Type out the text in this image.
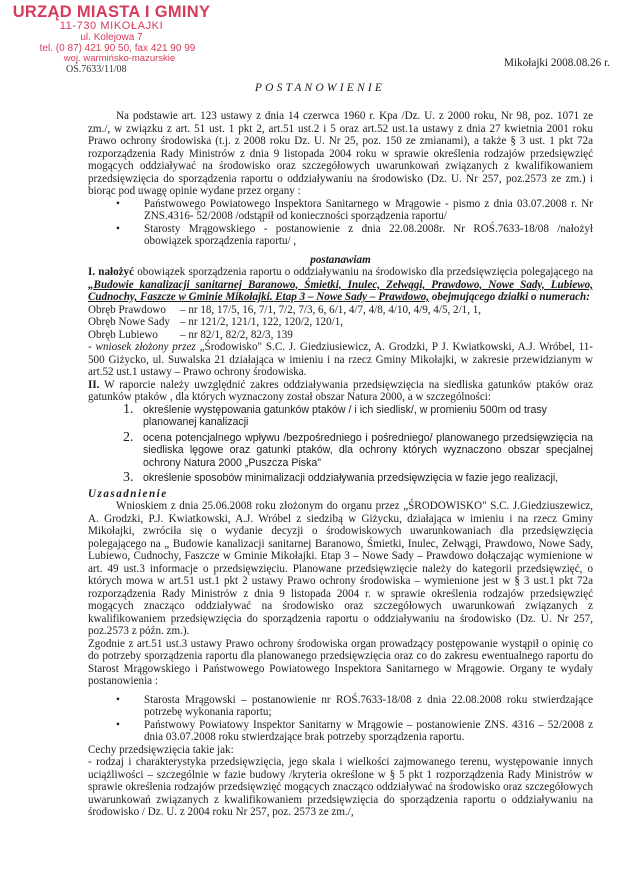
URZĄD MIASTA I GMINY
11-730 MIKOŁAJKI
ul. Kolejowa 7
tel. (0 87) 421 90 50, fax 421 90 99
woj. warmińsko-mazurskie
OŚ.7633/11/08
Mikołajki 2008.08.26 r.
POSTANOWIENIE

Na podstawie art. 123 ustawy z dnia 14 czerwca 1960 r. Kpa /Dz. U. z 2000 roku, Nr 98, poz. 1071 ze zm./, w związku z art. 51 ust. 1 pkt 2, art.51 ust.2 i 5 oraz art.52 ust.1a ustawy z dnia 27 kwietnia 2001 roku Prawo ochrony środowiska (t.j. z 2008 roku Dz. U. Nr 25, poz. 150 ze zmianami), a także § 3 ust. 1 pkt 72a rozporządzenia Rady Ministrów z dnia 9 listopada 2004 roku w sprawie określenia rodzajów przedsięwzięć mogących oddziaływać na środowisko oraz szczegółowych uwarunkowań związanych z kwalifikowaniem przedsięwzięcia do sporządzenia raportu o oddziaływaniu na środowisko (Dz. U. Nr 257, poz.2573 ze zm.) i biorąc pod uwagę opinie wydane przez organy :

• Państwowego Powiatowego Inspektora Sanitarnego w Mrągowie - pismo z dnia 03.07.2008 r. Nr ZNS.4316- 52/2008 /odstąpił od konieczności sporządzenia raportu/

• Starosty Mrągowskiego - postanowienie z dnia 22.08.2008r. Nr ROŚ.7633-18/08 /nałożył obowiązek sporządzenia raportu/ ,

postanawiam

I. nałożyć obowiązek sporządzenia raportu o oddziaływaniu na środowisko dla przedsięwzięcia polegającego na „Budowie kanalizacji sanitarnej Baranowo, Śmietki, Inulec, Zełwągi, Prawdowo, Nowe Sady, Lubiewo, Cudnochy, Faszcze w Gminie Mikołajki. Etap 3 – Nowe Sady – Prawdowo, obejmującego działki o numerach:

Obręb Prawdowo	– nr 18, 17/5, 16, 7/1, 7/2, 7/3, 6, 6/1, 4/7, 4/8, 4/10, 4/9, 4/5, 2/1, 1,
Obręb Nowe Sady – nr 121/2, 121/1, 122, 120/2, 120/1,
Obręb Lubiewo	– nr 82/1, 82/2, 82/3, 139

- wniosek złożony przez „Środowisko" S.C. J. Giedziusiewicz, A. Grodzki, P J. Kwiatkowski, A.J. Wróbel, 11-500 Giżycko, ul. Suwalska 21 działająca w imieniu i na rzecz Gminy Mikołajki, w zakresie przewidzianym w art.52 ust.1 ustawy – Prawo ochrony środowiska.

II. W raporcie należy uwzględnić zakres oddziaływania przedsięwzięcia na siedliska gatunków ptaków oraz gatunków ptaków , dla których wyznaczony został obszar Natura 2000, a w szczególności:

1. określenie występowania gatunków ptaków / i ich siedlisk/, w promieniu 500m od trasy planowanej kanalizacji

2. ocena potencjalnego wpływu /bezpośredniego i pośredniego/ planowanego przedsięwzięcia na siedliska lęgowe oraz gatunki ptaków, dla ochrony których wyznaczono obszar specjalnej ochrony Natura 2000 „Puszcza Piska"

3. określenie sposobów minimalizacji oddziaływania przedsięwzięcia w fazie jego realizacji,

Uzasadnienie

Wnioskiem z dnia 25.06.2008 roku złożonym do organu przez „ŚRODOWISKO" S.C. J.Giedziuszewicz, A. Grodzki, P.J. Kwiatkowski, A.J. Wróbel z siedzibą w Giżycku, działająca w imieniu i na rzecz Gminy Mikołajki, zwróciła się o wydanie decyzji o środowiskowych uwarunkowaniach dla przedsięwzięcia polegającego na „ Budowie kanalizacji sanitarnej Baranowo, Śmietki, Inulec, Zełwągi, Prawdowo, Nowe Sady, Lubiewo, Cudnochy, Faszcze w Gminie Mikołajki. Etap 3 – Nowe Sady – Prawdowo dołączając wymienione w art. 49 ust.3 informacje o przedsięwzięciu. Planowane przedsięwzięcie należy do kategorii przedsięwzięć, o których mowa w art.51 ust.1 pkt 2 ustawy Prawo ochrony środowiska – wymienione jest w § 3 ust.1 pkt 72a rozporządzenia Rady Ministrów z dnia 9 listopada 2004 r. w sprawie określenia rodzajów przedsięwzięć mogących znacząco oddziaływać na środowisko oraz szczegółowych uwarunkowań związanych z kwalifikowaniem przedsięwzięcia do sporządzenia raportu o oddziaływaniu na środowisko (Dz. U. Nr 257, poz.2573 z późn. zm.).

Zgodnie z art.51 ust.3 ustawy Prawo ochrony środowiska organ prowadzący postępowanie wystąpił o opinię co do potrzeby sporządzenia raportu dla planowanego przedsięwzięcia oraz co do zakresu ewentualnego raportu do Starost Mrągowskiego i Państwowego Powiatowego Inspektora Sanitarnego w Mrągowie. Organy te wydały postanowienia :

• Starosta Mrągowski – postanowienie nr ROŚ.7633-18/08 z dnia 22.08.2008 roku stwierdzające potrzebę wykonania raportu;

• Państwowy Powiatowy Inspektor Sanitarny w Mrągowie – postanowienie ZNS. 4316 – 52/2008 z dnia 03.07.2008 roku stwierdzające brak potrzeby sporządzenia raportu.

Cechy przedsięwzięcia takie jak:

- rodzaj i charakterystyka przedsięwzięcia, jego skala i wielkości zajmowanego terenu, występowanie innych uciążliwości – szczególnie w fazie budowy /kryteria określone w § 5 pkt 1 rozporządzenia Rady Ministrów w sprawie określenia rodzajów przedsięwzięć mogących znacząco oddziaływać na środowisko oraz szczegółowych uwarunkowań związanych z kwalifikowaniem przedsięwzięcia do sporządzenia raportu o oddziaływaniu na środowisko / Dz. U. z 2004 roku Nr 257, poz. 2573 ze zm./,
